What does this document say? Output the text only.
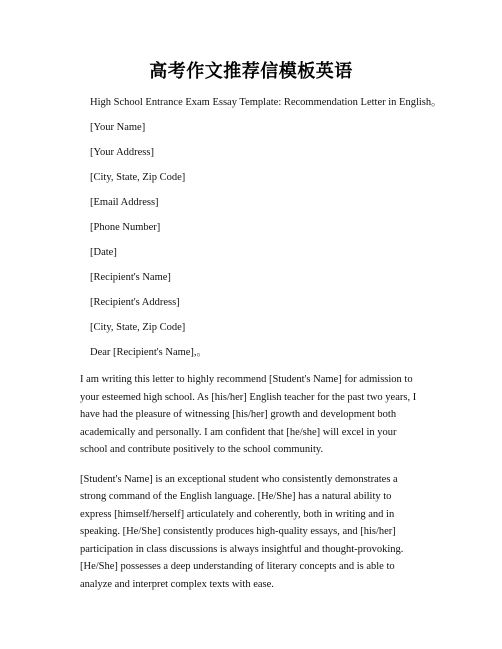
高考作文推荐信模板英语
High School Entrance Exam Essay Template: Recommendation Letter in English。
[Your Name]
[Your Address]
[City, State, Zip Code]
[Email Address]
[Phone Number]
[Date]
[Recipient's Name]
[Recipient's Address]
[City, State, Zip Code]
Dear [Recipient's Name],。

I am writing this letter to highly recommend [Student's Name] for admission to your esteemed high school. As [his/her] English teacher for the past two years, I have had the pleasure of witnessing [his/her] growth and development both academically and personally. I am confident that [he/she] will excel in your school and contribute positively to the school community.

[Student's Name] is an exceptional student who consistently demonstrates a strong command of the English language. [He/She] has a natural ability to express [himself/herself] articulately and coherently, both in writing and in speaking. [He/She] consistently produces high-quality essays, and [his/her] participation in class discussions is always insightful and thought-provoking. [He/She] possesses a deep understanding of literary concepts and is able to analyze and interpret complex texts with ease.
